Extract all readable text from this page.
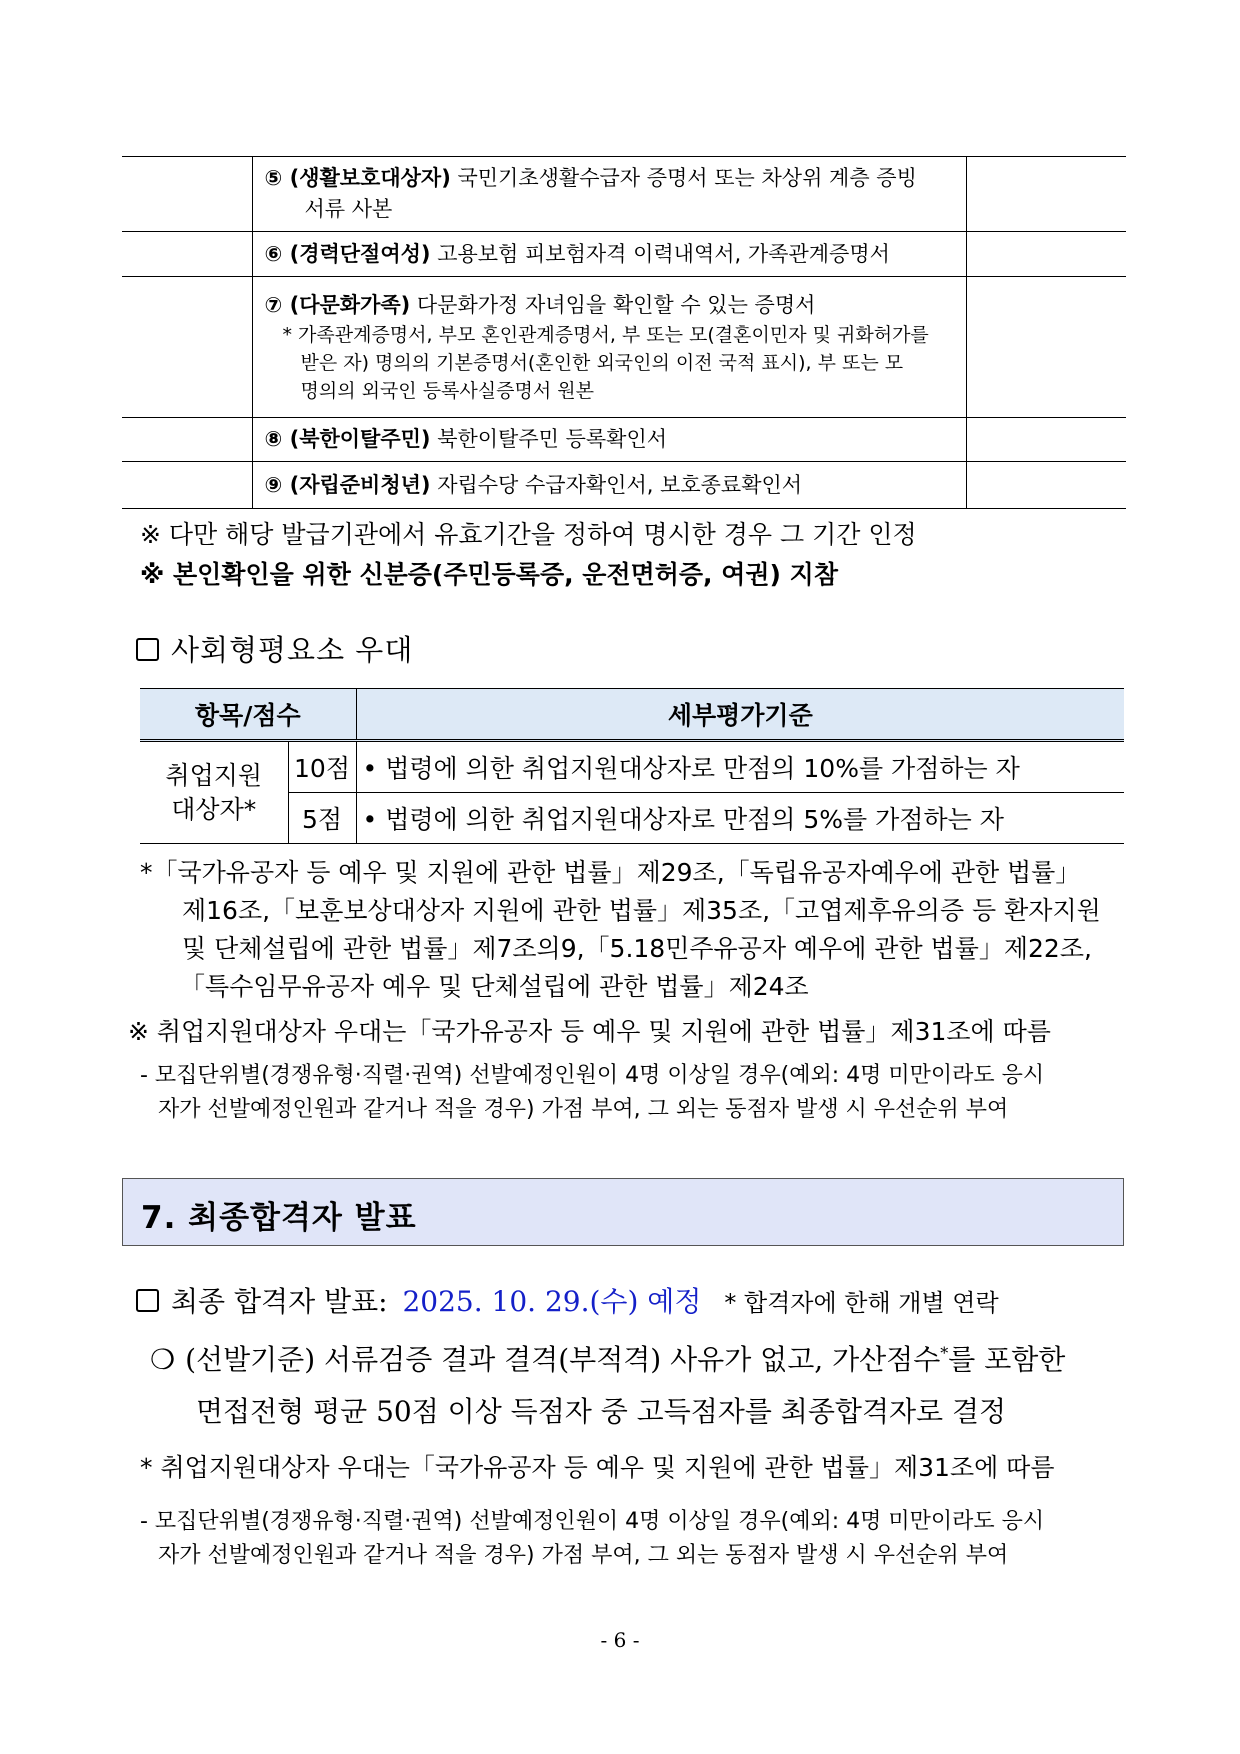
	⑤ (생활보호대상자) 국민기초생활수급자 증명서 또는 차상위 계층 증빙
서류 사본	

	⑥ (경력단절여성) 고용보험 피보험자격 이력내역서, 가족관계증명서	
	⑦ (다문화가족) 다문화가정 자녀임을 확인할 수 있는 증명서
* 가족관계증명서, 부모 혼인관계증명서, 부 또는 모(결혼이민자 및 귀화허가를
받은 자) 명의의 기본증명서(혼인한 외국인의 이전 국적 표시), 부 또는 모
명의의 외국인 등록사실증명서 원본	

	⑧ (북한이탈주민) 북한이탈주민 등록확인서	
	⑨ (자립준비청년) 자립수당 수급자확인서, 보호종료확인서	
※ 다만 해당 발급기관에서 유효기간을 정하여 명시한 경우 그 기간 인정
※ 본인확인을 위한 신분증(주민등록증, 운전면허증, 여권) 지참
사회형평요소 우대
항목/점수		세부평가기준

취업지원
대상자*	10점	• 법령에 의한 취업지원대상자로 만점의 10%를 가점하는 자
	5점	• 법령에 의한 취업지원대상자로 만점의 5%를 가점하는 자
*「국가유공자 등 예우 및 지원에 관한 법률」제29조,「독립유공자예우에 관한 법률」
제16조,「보훈보상대상자 지원에 관한 법률」제35조,「고엽제후유의증 등 환자지원
및 단체설립에 관한 법률」제7조의9,「5.18민주유공자 예우에 관한 법률」제22조,
「특수임무유공자 예우 및 단체설립에 관한 법률」제24조
※ 취업지원대상자 우대는「국가유공자 등 예우 및 지원에 관한 법률」제31조에 따름
- 모집단위별(경쟁유형·직렬·권역) 선발예정인원이 4명 이상일 경우(예외: 4명 미만이라도 응시
자가 선발예정인원과 같거나 적을 경우) 가점 부여, 그 외는 동점자 발생 시 우선순위 부여
7. 최종합격자 발표
최종 합격자 발표: 2025. 10. 29.(수) 예정 * 합격자에 한해 개별 연락
❍ (선발기준) 서류검증 결과 결격(부적격) 사유가 없고, 가산점수*를 포함한
면접전형 평균 50점 이상 득점자 중 고득점자를 최종합격자로 결정
* 취업지원대상자 우대는「국가유공자 등 예우 및 지원에 관한 법률」제31조에 따름
- 모집단위별(경쟁유형·직렬·권역) 선발예정인원이 4명 이상일 경우(예외: 4명 미만이라도 응시
자가 선발예정인원과 같거나 적을 경우) 가점 부여, 그 외는 동점자 발생 시 우선순위 부여
- 6 -
